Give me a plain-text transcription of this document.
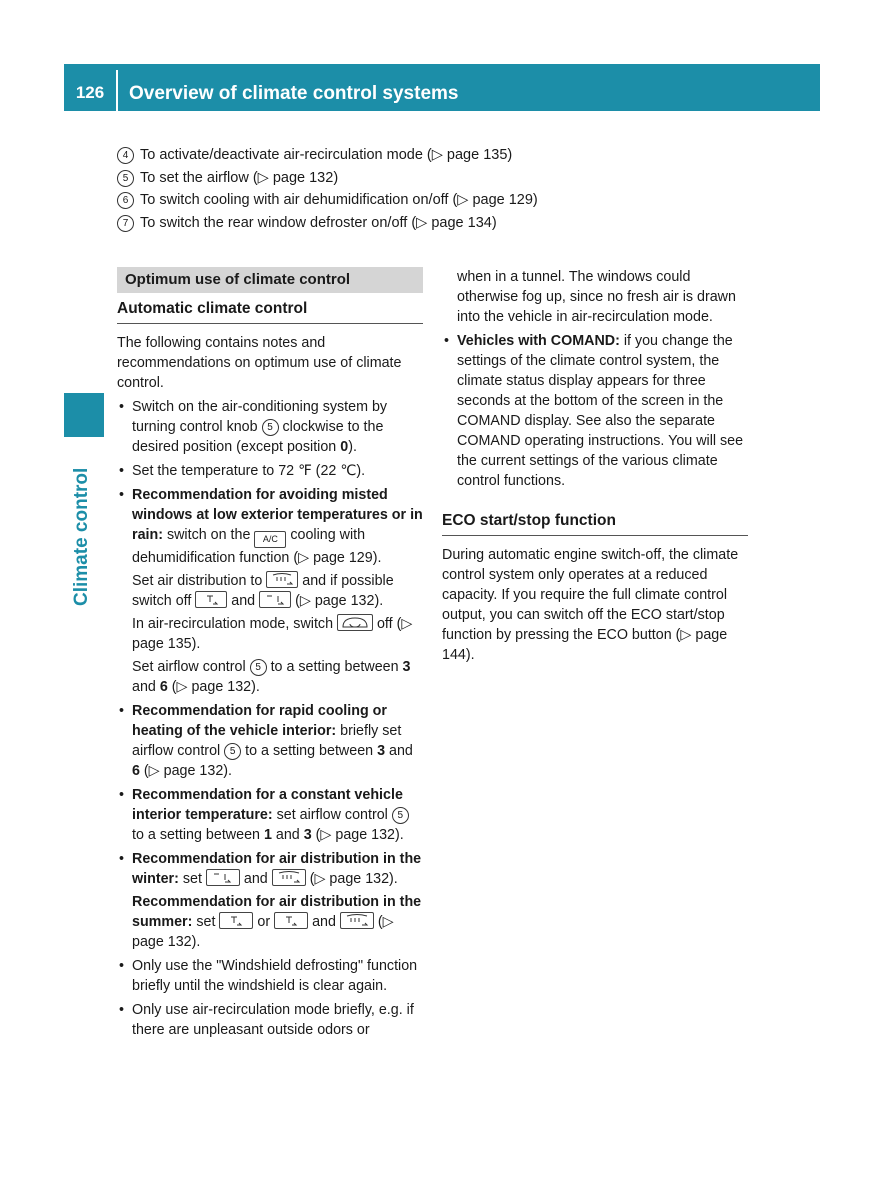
126	Overview of climate control systems
Climate control
4 To activate/deactivate air-recirculation mode (▷ page 135)
5 To set the airflow (▷ page 132)
6 To switch cooling with air dehumidification on/off (▷ page 129)
7 To switch the rear window defroster on/off (▷ page 134)
Optimum use of climate control
Automatic climate control

The following contains notes and recommendations on optimum use of climate control.

• Switch on the air-conditioning system by turning control knob 5 clockwise to the desired position (except position 0).
• Set the temperature to 72 ℉ (22 ℃).
• Recommendation for avoiding misted windows at low exterior temperatures or in rain: switch on the A/C cooling with dehumidification function (▷ page 129).
Set air distribution to
and if possible switch off
and
(▷ page 132).
In air-recirculation mode, switch	off (▷ page 135).
Set airflow control 5 to a setting between 3 and 6 (▷ page 132).
• Recommendation for rapid cooling or heating of the vehicle interior: briefly set airflow control 5 to a setting between 3 and 6 (▷ page 132).
• Recommendation for a constant vehicle interior temperature: set airflow control 5 to a setting between 1 and 3 (▷ page 132).
• Recommendation for air distribution in the winter: set
and
(▷ page 132).
Recommendation for air distribution in the summer: set
or
and
(▷ page 132).
• Only use the "Windshield defrosting" function briefly until the windshield is clear again.
• Only use air-recirculation mode briefly, e.g. if there are unpleasant outside odors or
when in a tunnel. The windows could otherwise fog up, since no fresh air is drawn into the vehicle in air-recirculation mode.
• Vehicles with COMAND: if you change the settings of the climate control system, the climate status display appears for three seconds at the bottom of the screen in the COMAND display. See also the separate COMAND operating instructions. You will see the current settings of the various climate control functions.
ECO start/stop function

During automatic engine switch-off, the climate control system only operates at a reduced capacity. If you require the full climate control output, you can switch off the ECO start/stop function by pressing the ECO button (▷ page 144).
